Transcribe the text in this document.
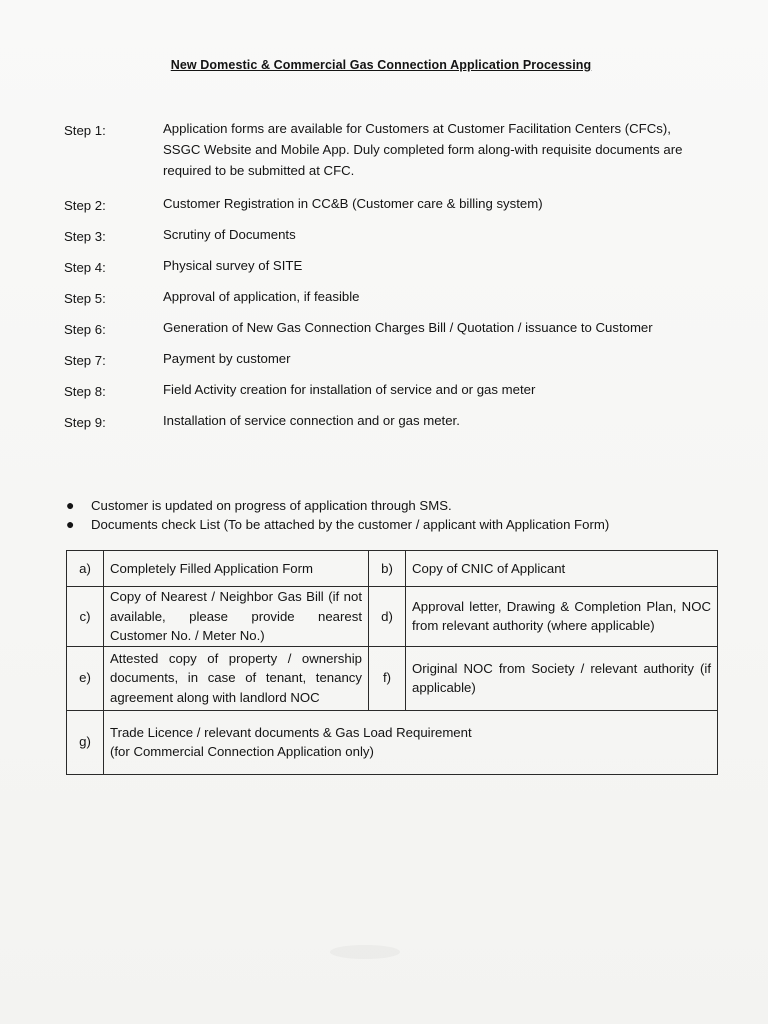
New Domestic & Commercial Gas Connection Application Processing
Step 1:	Application forms are available for Customers at Customer Facilitation Centers (CFCs), SSGC Website and Mobile App. Duly completed form along-with requisite documents are required to be submitted at CFC.
Step 2:	Customer Registration in CC&B (Customer care & billing system)
Step 3:	Scrutiny of Documents
Step 4:	Physical survey of SITE
Step 5:	Approval of application, if feasible
Step 6:	Generation of New Gas Connection Charges Bill / Quotation / issuance to Customer
Step 7:	Payment by customer
Step 8:	Field Activity creation for installation of service and or gas meter
Step 9:	Installation of service connection and or gas meter.
● Customer is updated on progress of application through SMS.
● Documents check List (To be attached by the customer / applicant with Application Form)
a)	Completely Filled Application Form	b)	Copy of CNIC of Applicant
c)	Copy of Nearest / Neighbor Gas Bill (if not available, please provide nearest Customer No. / Meter No.)	d)	Approval letter, Drawing & Completion Plan, NOC from relevant authority (where applicable)
e)	Attested copy of property / ownership documents, in case of tenant, tenancy agreement along with landlord NOC	f)	Original NOC from Society / relevant authority (if applicable)
g)	Trade Licence / relevant documents & Gas Load Requirement
(for Commercial Connection Application only)		
